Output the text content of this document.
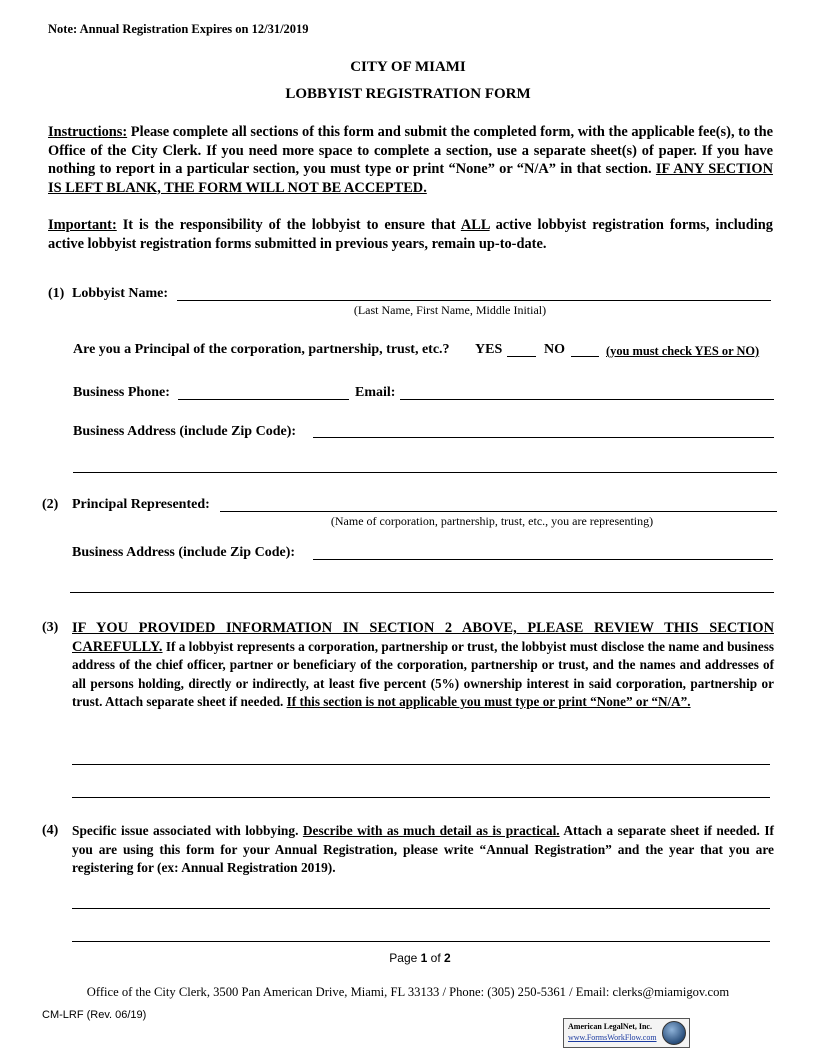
Note: Annual Registration Expires on 12/31/2019
CITY OF MIAMI
LOBBYIST REGISTRATION FORM
Instructions: Please complete all sections of this form and submit the completed form, with the applicable fee(s), to the Office of the City Clerk. If you need more space to complete a section, use a separate sheet(s) of paper. If you have nothing to report in a particular section, you must type or print “None” or “N/A” in that section. IF ANY SECTION IS LEFT BLANK, THE FORM WILL NOT BE ACCEPTED.
Important: It is the responsibility of the lobbyist to ensure that ALL active lobbyist registration forms, including active lobbyist registration forms submitted in previous years, remain up-to-date.
(1) Lobbyist Name:
(Last Name, First Name, Middle Initial)
Are you a Principal of the corporation, partnership, trust, etc.? YES	NO	(you must check YES or NO)
Business Phone:	Email:
Business Address (include Zip Code):
(2) Principal Represented:
(Name of corporation, partnership, trust, etc., you are representing)
Business Address (include Zip Code):
(3) IF YOU PROVIDED INFORMATION IN SECTION 2 ABOVE, PLEASE REVIEW THIS SECTION CAREFULLY. If a lobbyist represents a corporation, partnership or trust, the lobbyist must disclose the name and business address of the chief officer, partner or beneficiary of the corporation, partnership or trust, and the names and addresses of all persons holding, directly or indirectly, at least five percent (5%) ownership interest in said corporation, partnership or trust. Attach separate sheet if needed. If this section is not applicable you must type or print “None” or “N/A”.
(4) Specific issue associated with lobbying. Describe with as much detail as is practical. Attach a separate sheet if needed. If you are using this form for your Annual Registration, please write “Annual Registration” and the year that you are registering for (ex: Annual Registration 2019).
Page 1 of 2
Office of the City Clerk, 3500 Pan American Drive, Miami, FL 33133 / Phone: (305) 250-5361 / Email: clerks@miamigov.com
CM-LRF (Rev. 06/19)
American LegalNet, Inc.
www.FormsWorkFlow.com
